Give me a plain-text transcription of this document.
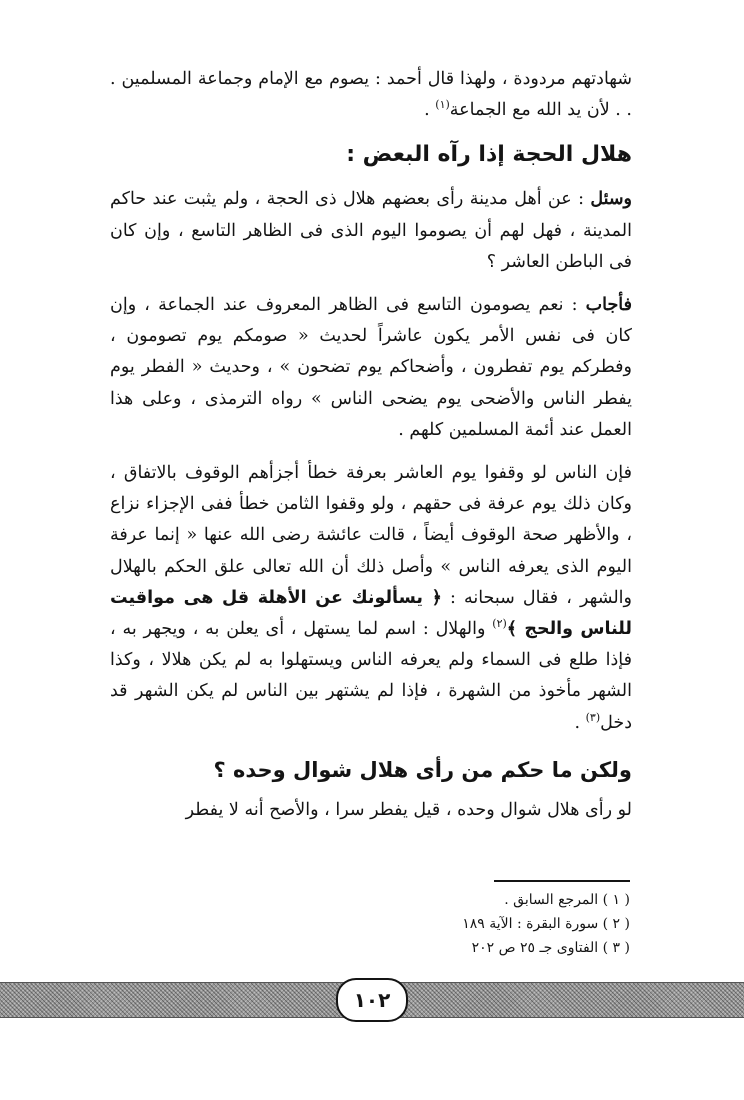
شهادتهم مردودة ، ولهذا قال أحمد : يصوم مع الإمام وجماعة المسلمين . . . لأن يد الله مع الجماعة$^{(١)}$ .

هلال الحجة إذا رآه البعض :

وسئل : عن أهل مدينة رأى بعضهم هلال ذى الحجة ، ولم يثبت عند حاكم المدينة ، فهل لهم أن يصوموا اليوم الذى فى الظاهر التاسع ، وإن كان فى الباطن العاشر ؟

فأجاب : نعم يصومون التاسع فى الظاهر المعروف عند الجماعة ، وإن كان فى نفس الأمر يكون عاشراً لحديث « صومكم يوم تصومون ، وفطركم يوم تفطرون ، وأضحاكم يوم تضحون » ، وحديث « الفطر يوم يفطر الناس والأضحى يوم يضحى الناس » رواه الترمذى ، وعلى هذا العمل عند أئمة المسلمين كلهم .

فإن الناس لو وقفوا يوم العاشر بعرفة خطأ أجزأهم الوقوف بالاتفاق ، وكان ذلك يوم عرفة فى حقهم ، ولو وقفوا الثامن خطأ ففى الإجزاء نزاع ، والأظهر صحة الوقوف أيضاً ، قالت عائشة رضى الله عنها « إنما عرفة اليوم الذى يعرفه الناس » وأصل ذلك أن الله تعالى علق الحكم بالهلال والشهر ، فقال سبحانه : ﴿ يسألونك عن الأهلة قل هى مواقيت للناس والحج ﴾$^{(٢)}$ والهلال : اسم لما يستهل ، أى يعلن به ، ويجهر به ، فإذا طلع فى السماء ولم يعرفه الناس ويستهلوا به لم يكن هلالا ، وكذا الشهر مأخوذ من الشهرة ، فإذا لم يشتهر بين الناس لم يكن الشهر قد دخل$^{(٣)}$ .

ولكن ما حكم من رأى هلال شوال وحده ؟

لو رأى هلال شوال وحده ، قيل يفطر سرا ، والأصح أنه لا يفطر

( ١ ) المرجع السابق .

( ٢ ) سورة البقرة : الآية ١٨٩

( ٣ ) الفتاوى جـ ٢٥ ص ٢٠٢

١٠٢
